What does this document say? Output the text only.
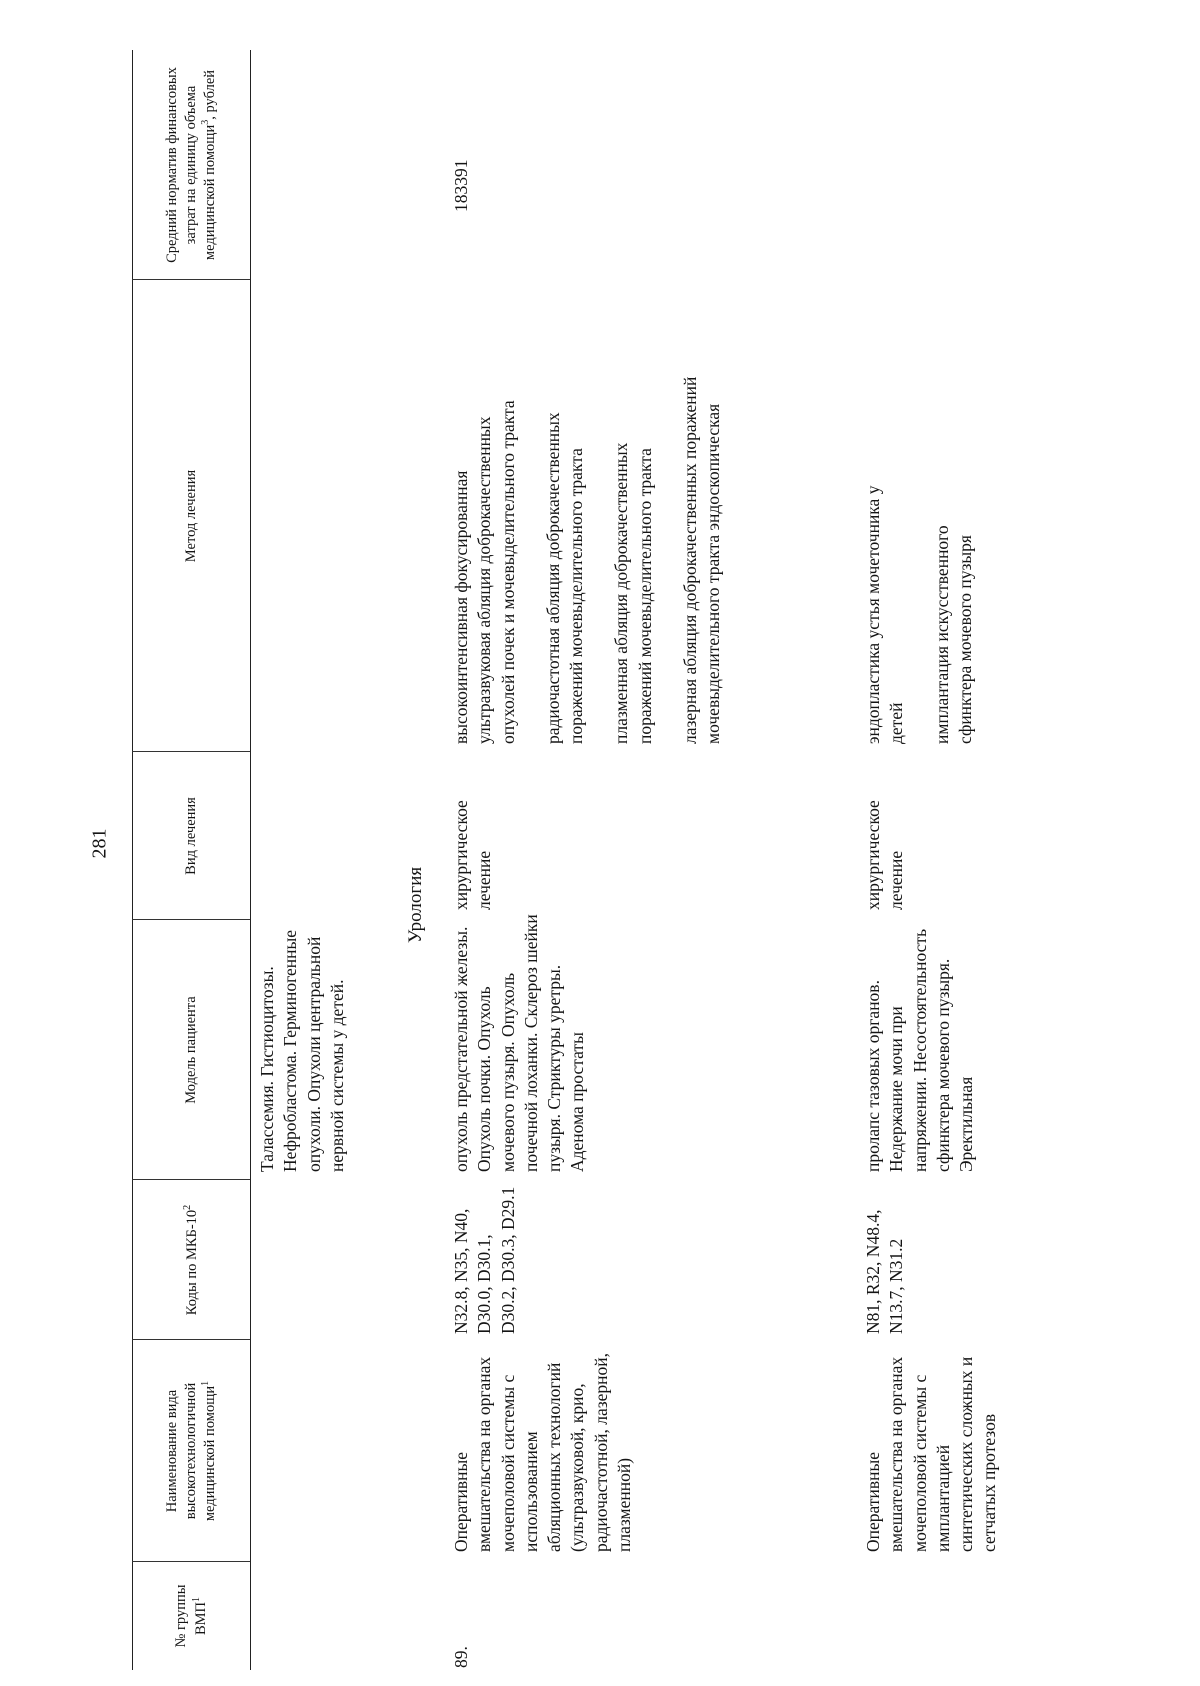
281
№ группы ВМП$^1$
Наименование вида высокотехнологичной медицинской помощи$^1$
Коды по МКБ-$10^2$
Модель пациента
Вид лечения
Метод лечения
Средний норматив финансовых затрат на единицу объема медицинской помощи$^3$, рублей
Талассемия. Гистиоцитозы. Нефробластома. Герминогенные опухоли. Опухоли центральной нервной системы у детей.
Урология
89.
Оперативные вмешательства на органах мочеполовой системы с использованием абляционных технологий (ультразвуковой, крио, радиочастотной, лазерной, плазменной)
N32.8, N35, N40, D30.0, D30.1, D30.2, D30.3, D29.1
опухоль предстательной железы. Опухоль почки. Опухоль мочевого пузыря. Опухоль почечной лоханки. Склероз шейки пузыря. Стриктуры уретры. Аденома простаты
хирургическое лечение
высокоинтенсивная фокусированная ультразвуковая абляция доброкачественных опухолей почек и мочевыделительного тракта радиочастотная абляция доброкачественных поражений мочевыделительного тракта плазменная абляция доброкачественных поражений мочевыделительного тракта лазерная абляция доброкачественных поражений мочевыделительного тракта эндоскопическая
183391
Оперативные вмешательства на органах мочеполовой системы с имплантацией синтетических сложных и сетчатых протезов
N81, R32, N48.4, N13.7, N31.2
пролапс тазовых органов. Недержание мочи при напряжении. Несостоятельность сфинктера мочевого пузыря. Эректильная
хирургическое лечение
эндопластика устья мочеточника у детей имплантация искусственного сфинктера мочевого пузыря
